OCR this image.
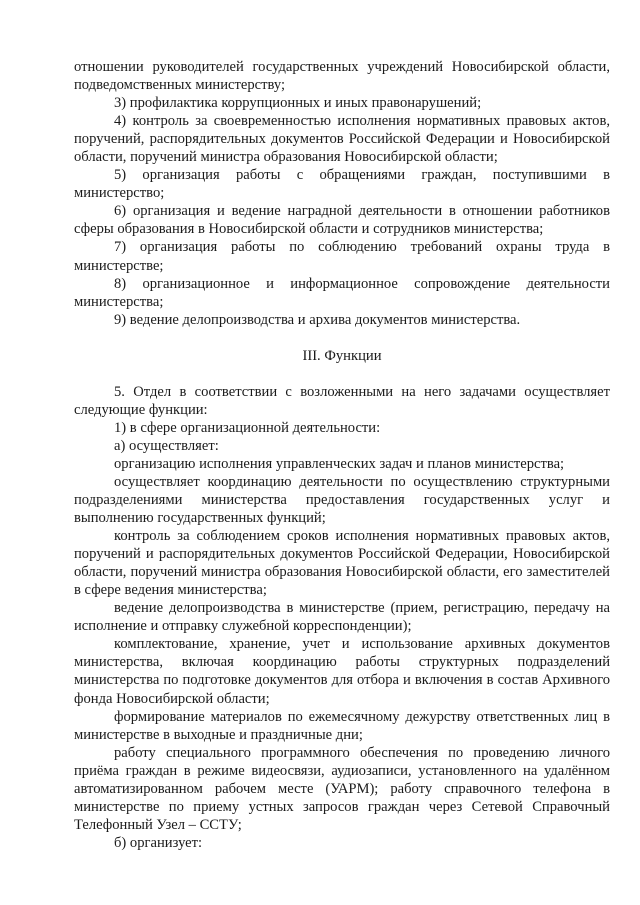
отношении руководителей государственных учреждений Новосибирской области, подведомственных министерству;

3) профилактика коррупционных и иных правонарушений;

4) контроль за своевременностью исполнения нормативных правовых актов, поручений, распорядительных документов Российской Федерации и Новосибирской области, поручений министра образования Новосибирской области;

5) организация работы с обращениями граждан, поступившими в министерство;

6) организация и ведение наградной деятельности в отношении работников сферы образования в Новосибирской области и сотрудников министерства;

7) организация работы по соблюдению требований охраны труда в министерстве;

8) организационное и информационное сопровождение деятельности министерства;

9) ведение делопроизводства и архива документов министерства.

III. Функции

5. Отдел в соответствии с возложенными на него задачами осуществляет следующие функции:

1) в сфере организационной деятельности:

а) осуществляет:

организацию исполнения управленческих задач и планов министерства;

осуществляет координацию деятельности по осуществлению структурными подразделениями министерства предоставления государственных услуг и выполнению государственных функций;

контроль за соблюдением сроков исполнения нормативных правовых актов, поручений и распорядительных документов Российской Федерации, Новосибирской области, поручений министра образования Новосибирской области, его заместителей в сфере ведения министерства;

ведение делопроизводства в министерстве (прием, регистрацию, передачу на исполнение и отправку служебной корреспонденции);

комплектование, хранение, учет и использование архивных документов министерства, включая координацию работы структурных подразделений министерства по подготовке документов для отбора и включения в состав Архивного фонда Новосибирской области;

формирование материалов по ежемесячному дежурству ответственных лиц в министерстве в выходные и праздничные дни;

работу специального программного обеспечения по проведению личного приёма граждан в режиме видеосвязи, аудиозаписи, установленного на удалённом автоматизированном рабочем месте (УАРМ); работу справочного телефона в министерстве по приему устных запросов граждан через Сетевой Справочный Телефонный Узел – ССТУ;

б) организует:
